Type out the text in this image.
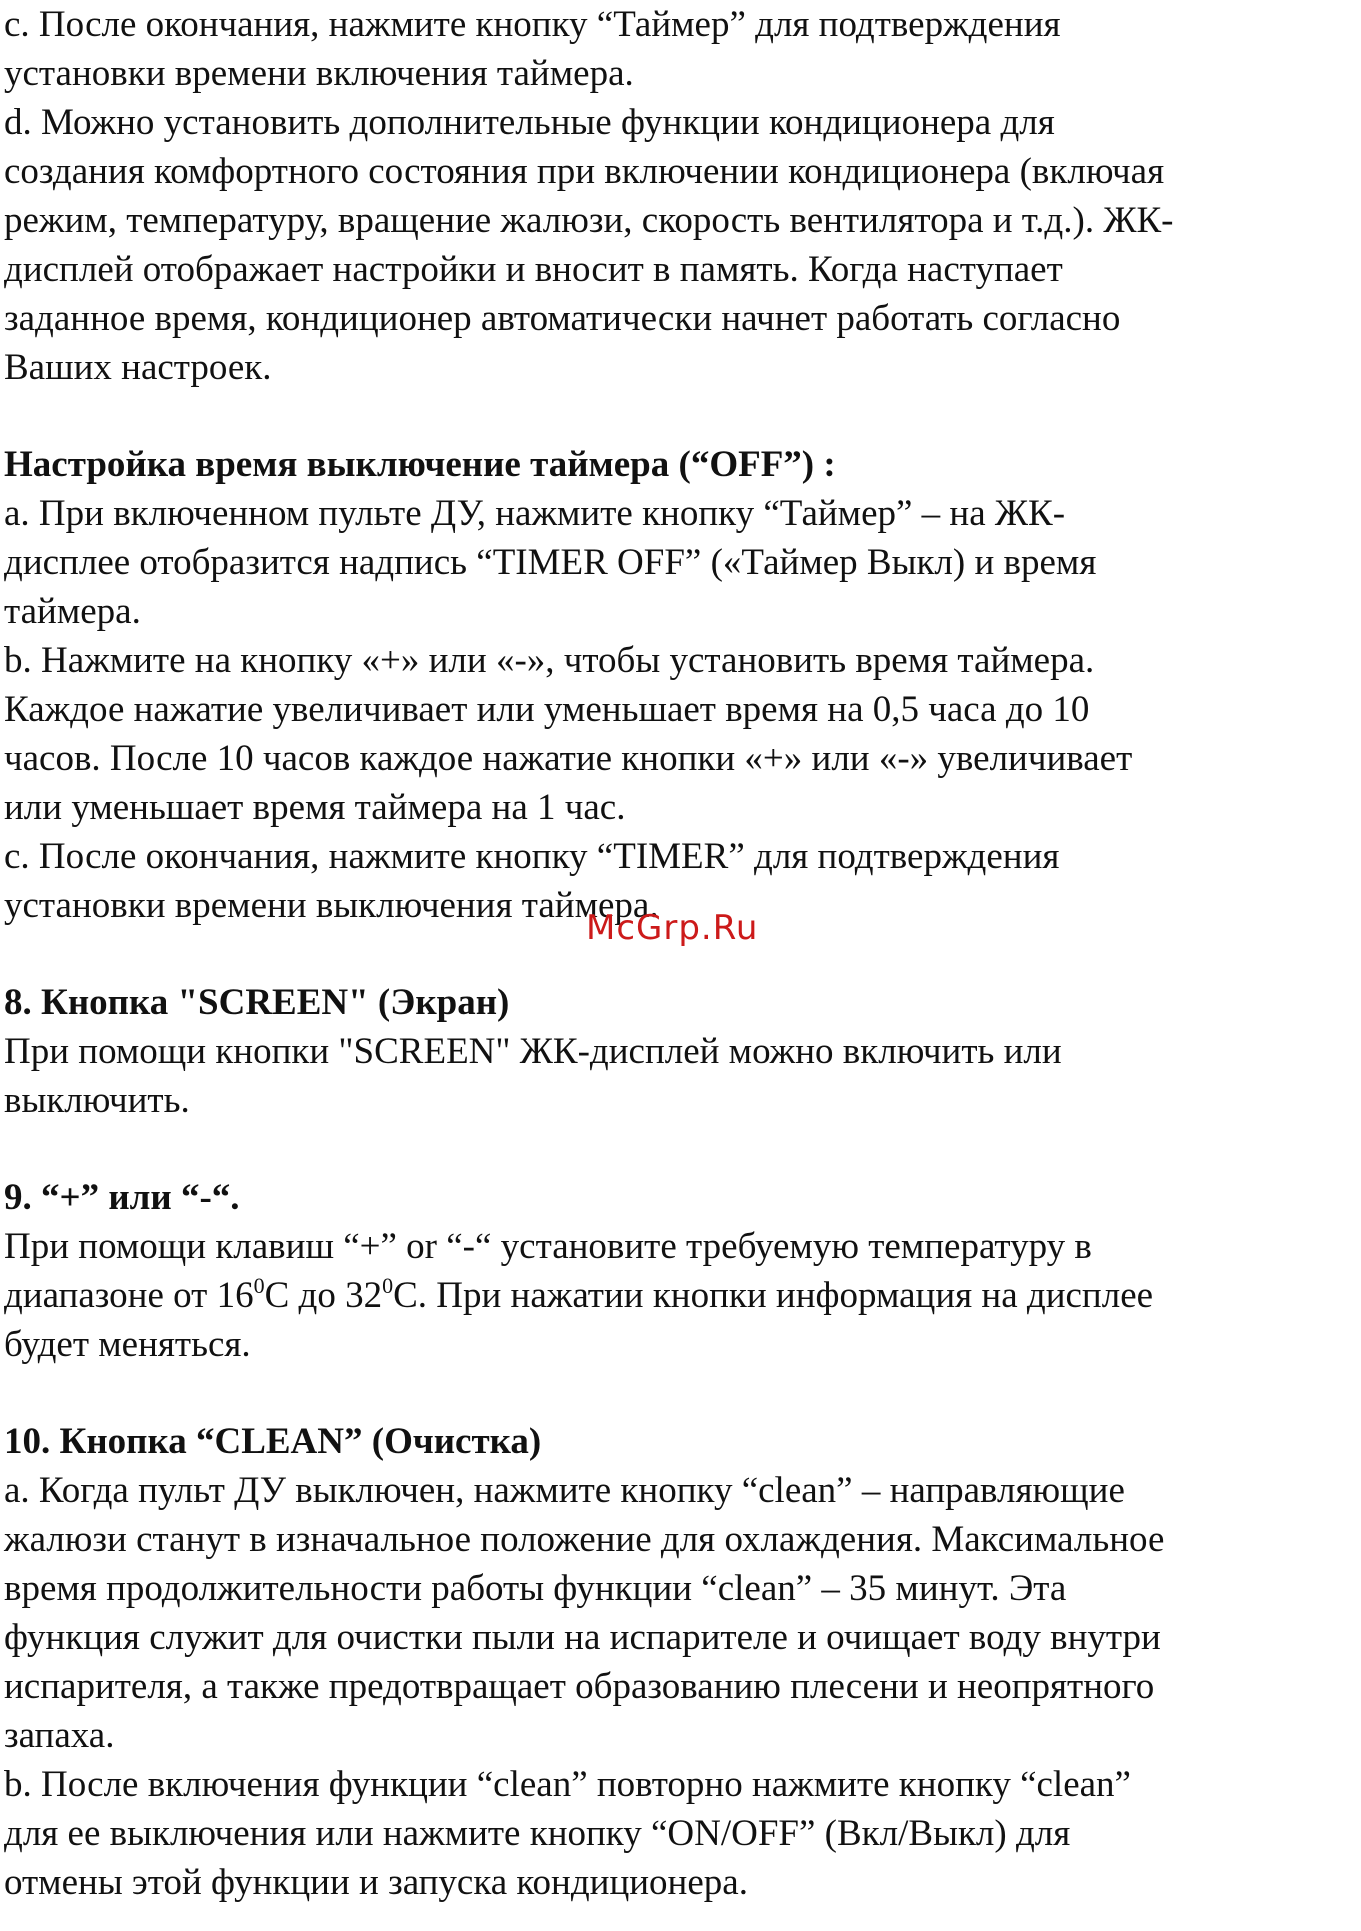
c. После окончания, нажмите кнопку “Таймер” для подтверждения
установки времени включения таймера.
d. Можно установить дополнительные функции кондиционера для
создания комфортного состояния при включении кондиционера (включая
режим, температуру, вращение жалюзи, скорость вентилятора и т.д.). ЖК-
дисплей отображает настройки и вносит в память. Когда наступает
заданное время, кондиционер автоматически начнет работать согласно
Ваших настроек.
Настройка время выключение таймера (“OFF”) :
a. При включенном пульте ДУ, нажмите кнопку “Таймер” – на ЖК-
дисплее отобразится надпись “TIMER OFF” («Таймер Выкл) и время
таймера.
b. Нажмите на кнопку «+» или «-», чтобы установить время таймера.
Каждое нажатие увеличивает или уменьшает время на 0,5 часа до 10
часов. После 10 часов каждое нажатие кнопки «+» или «-» увеличивает
или уменьшает время таймера на 1 час.
c. После окончания, нажмите кнопку “TIMER” для подтверждения
установки времени выключения таймера.
8. Кнопка "SCREEN" (Экран)
При помощи кнопки "SCREEN" ЖК-дисплей можно включить или
выключить.
9. “+” или “-“.
При помощи клавиш “+” or “-“ установите требуемую температуру в
диапазоне от $16^0C$ до $32^0C$. При нажатии кнопки информация на дисплее
будет меняться.
10. Кнопка “CLEAN” (Очистка)
a. Когда пульт ДУ выключен, нажмите кнопку “clean” – направляющие
жалюзи станут в изначальное положение для охлаждения. Максимальное
время продолжительности работы функции “clean” – 35 минут. Эта
функция служит для очистки пыли на испарителе и очищает воду внутри
испарителя, а также предотвращает образованию плесени и неопрятного
запаха.
b. После включения функции “clean” повторно нажмите кнопку “clean”
для ее выключения или нажмите кнопку “ON/OFF” (Вкл/Выкл) для
отмены этой функции и запуска кондиционера.
McGrp.Ru
